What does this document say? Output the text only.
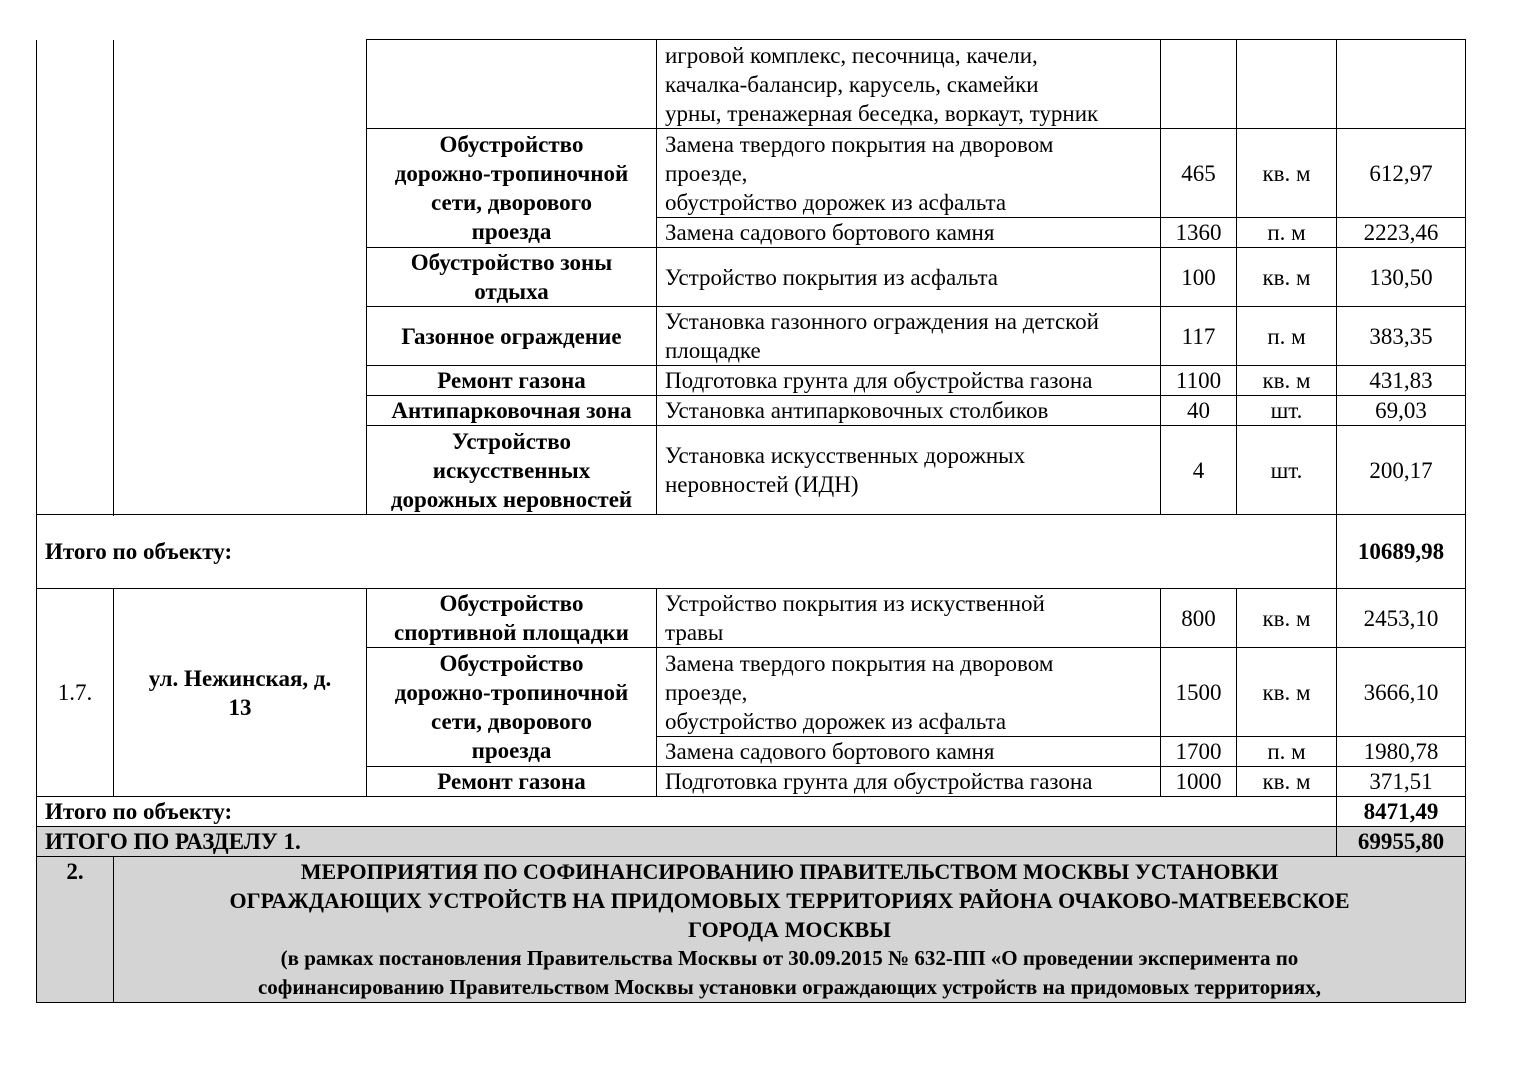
			игровой комплекс, песочница, качели,
качалка-балансир, карусель, скамейки
урны, тренажерная беседка, воркаут, турник			
		Обустройство
дорожно-тропиночной
сети, дворового
проезда	Замена твердого покрытия на дворовом
проезде,
обустройство дорожек из асфальта	465	кв. м	612,97
			Замена садового бортового камня	1360	п. м	2223,46
		Обустройство зоны
отдыха	Устройство покрытия из асфальта	100	кв. м	130,50
		Газонное ограждение	Установка газонного ограждения на детской
площадке	117	п. м	383,35
		Ремонт газона	Подготовка грунта для обустройства газона	1100	кв. м	431,83
		Антипарковочная зона	Установка антипарковочных столбиков	40	шт.	69,03
		Устройство
искусственных
дорожных неровностей	Установка искусственных дорожных
неровностей (ИДН)	4	шт.	200,17

Итого по объекту:						10689,98
1.7.	ул. Нежинская, д.
13	Обустройство
спортивной площадки	Устройство покрытия из искуственной
травы	800	кв. м	2453,10
		Обустройство
дорожно-тропиночной
сети, дворового
проезда	Замена твердого покрытия на дворовом
проезде,
обустройство дорожек из асфальта	1500	кв. м	3666,10
			Замена садового бортового камня	1700	п. м	1980,78
		Ремонт газона	Подготовка грунта для обустройства газона	1000	кв. м	371,51
Итого по объекту:						8471,49
ИТОГО ПО РАЗДЕЛУ 1.						69955,80
2.	МЕРОПРИЯТИЯ ПО СОФИНАНСИРОВАНИЮ ПРАВИТЕЛЬСТВОМ МОСКВЫ УСТАНОВКИ
ОГРАЖДАЮЩИХ УСТРОЙСТВ НА ПРИДОМОВЫХ ТЕРРИТОРИЯХ РАЙОНА ОЧАКОВО-МАТВЕЕВСКОЕ
ГОРОДА МОСКВЫ
(в рамках постановления Правительства Москвы от 30.09.2015 № 632-ПП «О проведении эксперимента по
софинансированию Правительством Москвы установки ограждающих устройств на придомовых территориях,					
